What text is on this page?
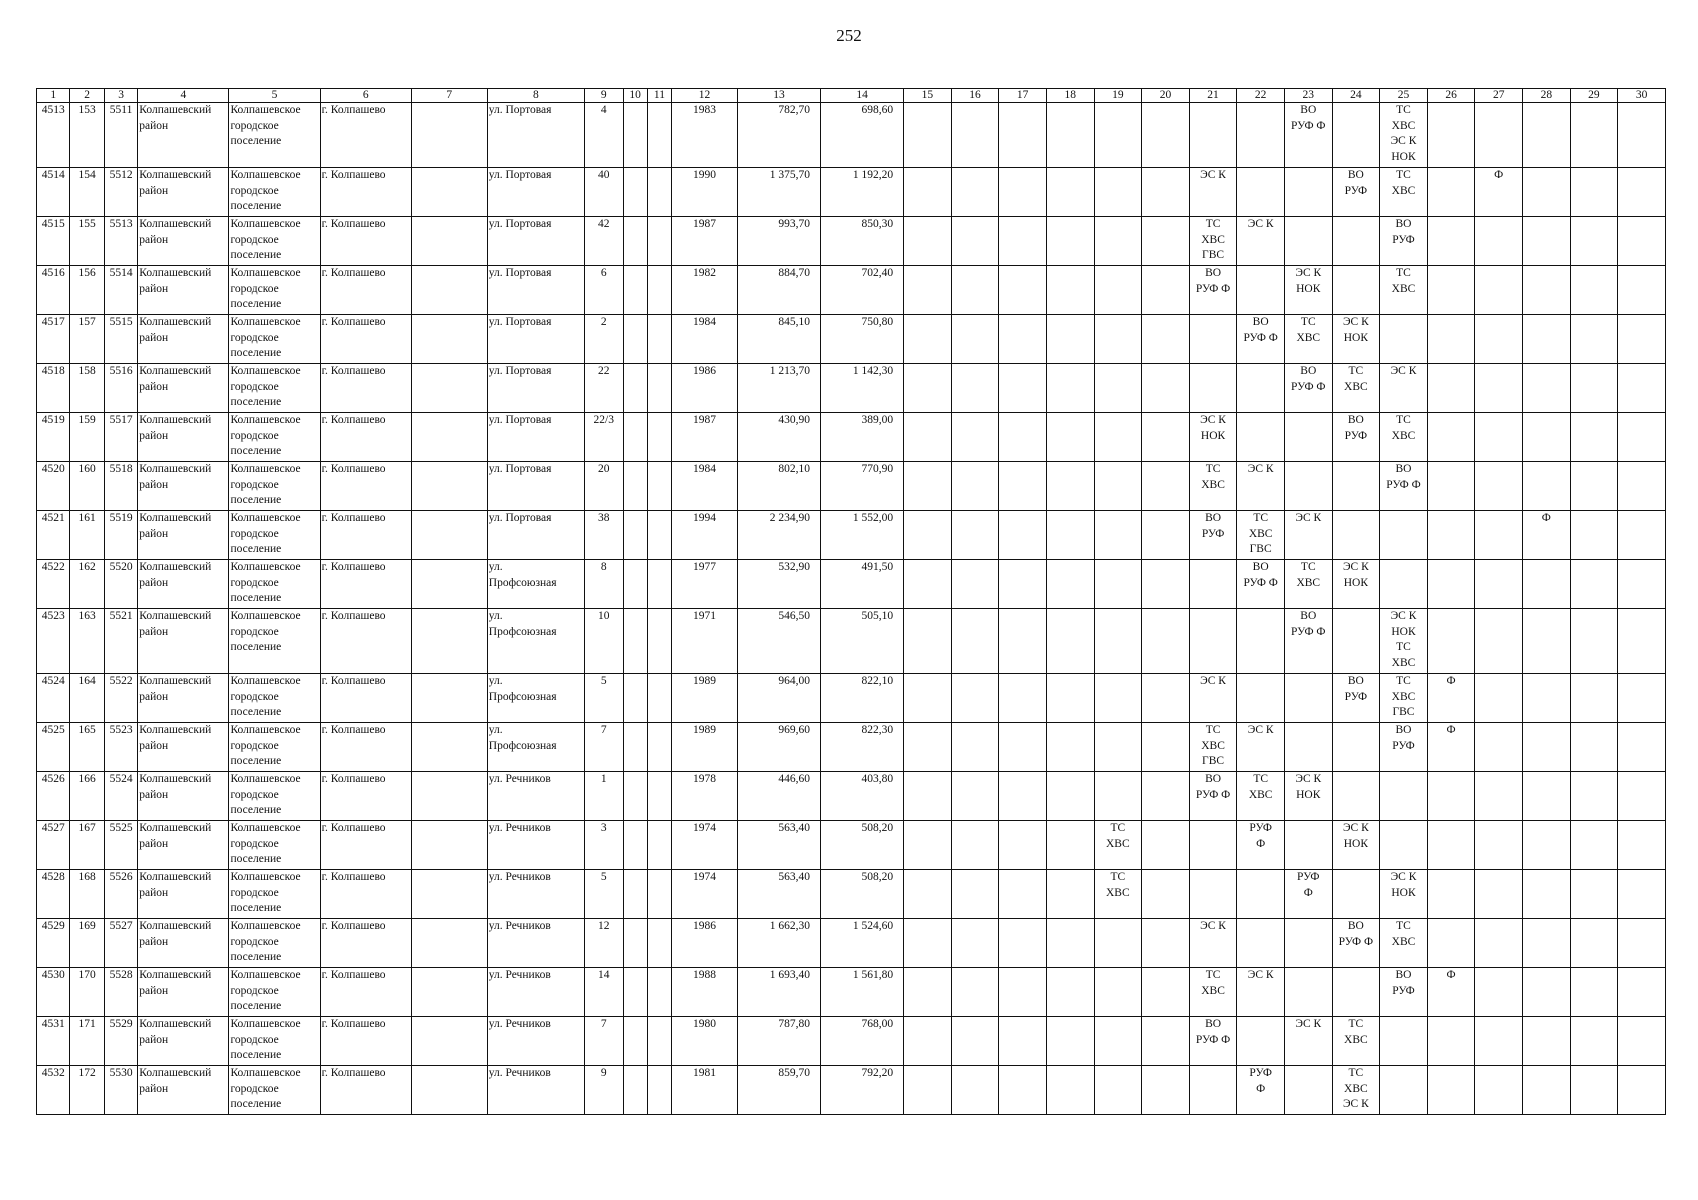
252
1	2	3	4	5	6	7	8	9	10	11	12	13	14	15	16	17	18	19	20	21	22	23	24	25	26	27	28	29	30
4513	153	5511	Колпашевский
район	Колпашевское
городское
поселение	г. Колпашево		ул. Портовая	4			1983	782,70	698,60									ВО
РУФ Ф		ТС
ХВС
ЭС К
НОК					
4514	154	5512	Колпашевский
район	Колпашевское
городское
поселение	г. Колпашево		ул. Портовая	40			1990	1 375,70	1 192,20							ЭС К			ВО
РУФ	ТС
ХВС		Ф			
4515	155	5513	Колпашевский
район	Колпашевское
городское
поселение	г. Колпашево		ул. Портовая	42			1987	993,70	850,30							ТС
ХВС
ГВС	ЭС К			ВО
РУФ					
4516	156	5514	Колпашевский
район	Колпашевское
городское
поселение	г. Колпашево		ул. Портовая	6			1982	884,70	702,40							ВО
РУФ Ф		ЭС К
НОК		ТС
ХВС					
4517	157	5515	Колпашевский
район	Колпашевское
городское
поселение	г. Колпашево		ул. Портовая	2			1984	845,10	750,80								ВО
РУФ Ф	ТС
ХВС	ЭС К
НОК						
4518	158	5516	Колпашевский
район	Колпашевское
городское
поселение	г. Колпашево		ул. Портовая	22			1986	1 213,70	1 142,30									ВО
РУФ Ф	ТС
ХВС	ЭС К					
4519	159	5517	Колпашевский
район	Колпашевское
городское
поселение	г. Колпашево		ул. Портовая	22/3			1987	430,90	389,00							ЭС К
НОК			ВО
РУФ	ТС
ХВС					
4520	160	5518	Колпашевский
район	Колпашевское
городское
поселение	г. Колпашево		ул. Портовая	20			1984	802,10	770,90							ТС
ХВС	ЭС К			ВО
РУФ Ф					
4521	161	5519	Колпашевский
район	Колпашевское
городское
поселение	г. Колпашево		ул. Портовая	38			1994	2 234,90	1 552,00							ВО
РУФ	ТС
ХВС
ГВС	ЭС К					Ф		
4522	162	5520	Колпашевский
район	Колпашевское
городское
поселение	г. Колпашево		ул.
Профсоюзная	8			1977	532,90	491,50								ВО
РУФ Ф	ТС
ХВС	ЭС К
НОК						
4523	163	5521	Колпашевский
район	Колпашевское
городское
поселение	г. Колпашево		ул.
Профсоюзная	10			1971	546,50	505,10									ВО
РУФ Ф		ЭС К
НОК
ТС
ХВС					
4524	164	5522	Колпашевский
район	Колпашевское
городское
поселение	г. Колпашево		ул.
Профсоюзная	5			1989	964,00	822,10							ЭС К			ВО
РУФ	ТС
ХВС
ГВС	Ф				
4525	165	5523	Колпашевский
район	Колпашевское
городское
поселение	г. Колпашево		ул.
Профсоюзная	7			1989	969,60	822,30							ТС
ХВС
ГВС	ЭС К			ВО
РУФ	Ф				
4526	166	5524	Колпашевский
район	Колпашевское
городское
поселение	г. Колпашево		ул. Речников	1			1978	446,60	403,80							ВО
РУФ Ф	ТС
ХВС	ЭС К
НОК							
4527	167	5525	Колпашевский
район	Колпашевское
городское
поселение	г. Колпашево		ул. Речников	3			1974	563,40	508,20					ТС
ХВС			РУФ
Ф		ЭС К
НОК						
4528	168	5526	Колпашевский
район	Колпашевское
городское
поселение	г. Колпашево		ул. Речников	5			1974	563,40	508,20					ТС
ХВС				РУФ
Ф		ЭС К
НОК					
4529	169	5527	Колпашевский
район	Колпашевское
городское
поселение	г. Колпашево		ул. Речников	12			1986	1 662,30	1 524,60							ЭС К			ВО
РУФ Ф	ТС
ХВС					
4530	170	5528	Колпашевский
район	Колпашевское
городское
поселение	г. Колпашево		ул. Речников	14			1988	1 693,40	1 561,80							ТС
ХВС	ЭС К			ВО
РУФ	Ф				
4531	171	5529	Колпашевский
район	Колпашевское
городское
поселение	г. Колпашево		ул. Речников	7			1980	787,80	768,00							ВО
РУФ Ф		ЭС К	ТС
ХВС						
4532	172	5530	Колпашевский
район	Колпашевское
городское
поселение	г. Колпашево		ул. Речников	9			1981	859,70	792,20								РУФ
Ф		ТС
ХВС
ЭС К						
